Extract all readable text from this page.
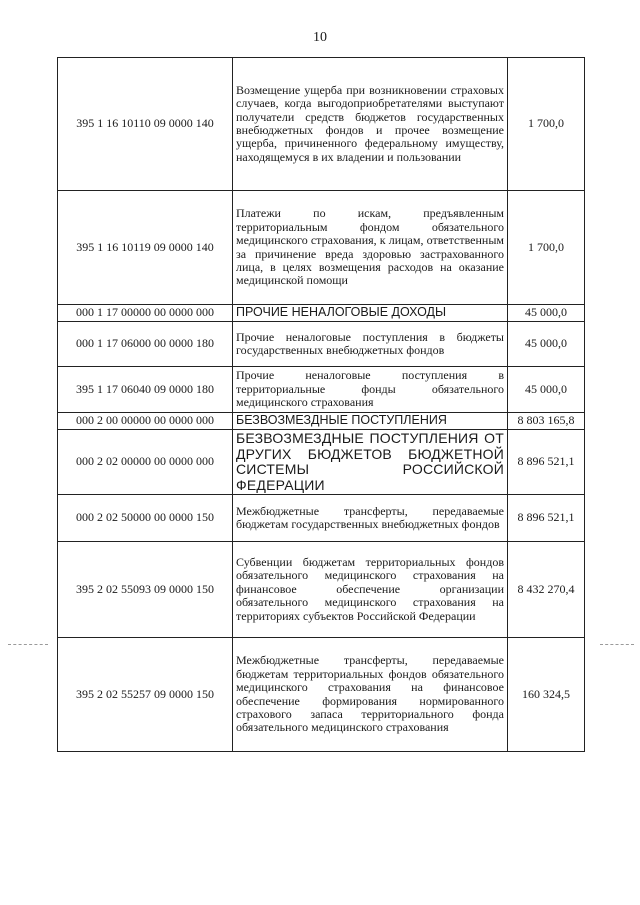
10
395 1 16 10110 09 0000 140	Возмещение ущерба при возникновении страховых случаев, когда выгодоприобретателями выступают получатели средств бюджетов государственных внебюджетных фондов и прочее возмещение ущерба, причиненного федеральному имуществу, находящемуся в их владении и пользовании	1 700,0
395 1 16 10119 09 0000 140	Платежи по искам, предъявленным территориальным фондом обязательного медицинского страхования, к лицам, ответственным за причинение вреда здоровью застрахованного лица, в целях возмещения расходов на оказание медицинской помощи	1 700,0
000 1 17 00000 00 0000 000	ПРОЧИЕ НЕНАЛОГОВЫЕ ДОХОДЫ	45 000,0
000 1 17 06000 00 0000 180	Прочие неналоговые поступления в бюджеты государственных внебюджетных фондов	45 000,0
395 1 17 06040 09 0000 180	Прочие неналоговые поступления в территориальные фонды обязательного медицинского страхования	45 000,0
000 2 00 00000 00 0000 000	БЕЗВОЗМЕЗДНЫЕ ПОСТУПЛЕНИЯ	8 803 165,8
000 2 02 00000 00 0000 000	БЕЗВОЗМЕЗДНЫЕ ПОСТУПЛЕНИЯ ОТ ДРУГИХ БЮДЖЕТОВ БЮДЖЕТНОЙ СИСТЕМЫ РОССИЙСКОЙ ФЕДЕРАЦИИ	8 896 521,1
000 2 02 50000 00 0000 150	Межбюджетные трансферты, передаваемые бюджетам государственных внебюджетных фондов	8 896 521,1
395 2 02 55093 09 0000 150	Субвенции бюджетам территориальных фондов обязательного медицинского страхования на финансовое обеспечение организации обязательного медицинского страхования на территориях субъектов Российской Федерации	8 432 270,4
395 2 02 55257 09 0000 150	Межбюджетные трансферты, передаваемые бюджетам территориальных фондов обязательного медицинского страхования на финансовое обеспечение формирования нормированного страхового запаса территориального фонда обязательного медицинского страхования	160 324,5
